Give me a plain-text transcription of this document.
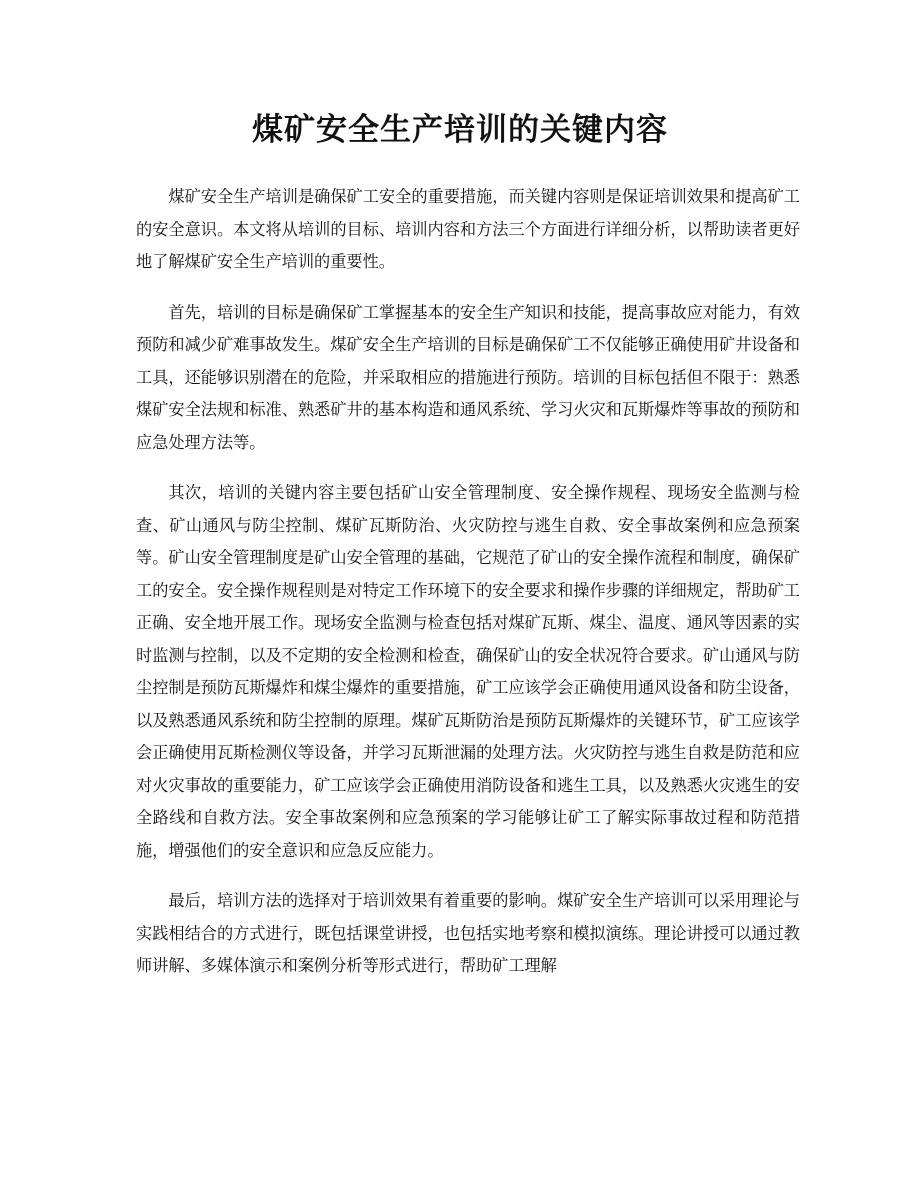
煤矿安全生产培训的关键内容

煤矿安全生产培训是确保矿工安全的重要措施，而关键内容则是保证培训效果和提高矿工的安全意识。本文将从培训的目标、培训内容和方法三个方面进行详细分析，以帮助读者更好地了解煤矿安全生产培训的重要性。

首先，培训的目标是确保矿工掌握基本的安全生产知识和技能，提高事故应对能力，有效预防和减少矿难事故发生。煤矿安全生产培训的目标是确保矿工不仅能够正确使用矿井设备和工具，还能够识别潜在的危险，并采取相应的措施进行预防。培训的目标包括但不限于：熟悉煤矿安全法规和标准、熟悉矿井的基本构造和通风系统、学习火灾和瓦斯爆炸等事故的预防和应急处理方法等。

其次，培训的关键内容主要包括矿山安全管理制度、安全操作规程、现场安全监测与检查、矿山通风与防尘控制、煤矿瓦斯防治、火灾防控与逃生自救、安全事故案例和应急预案等。矿山安全管理制度是矿山安全管理的基础，它规范了矿山的安全操作流程和制度，确保矿工的安全。安全操作规程则是对特定工作环境下的安全要求和操作步骤的详细规定，帮助矿工正确、安全地开展工作。现场安全监测与检查包括对煤矿瓦斯、煤尘、温度、通风等因素的实时监测与控制，以及不定期的安全检测和检查，确保矿山的安全状况符合要求。矿山通风与防尘控制是预防瓦斯爆炸和煤尘爆炸的重要措施，矿工应该学会正确使用通风设备和防尘设备，以及熟悉通风系统和防尘控制的原理。煤矿瓦斯防治是预防瓦斯爆炸的关键环节，矿工应该学会正确使用瓦斯检测仪等设备，并学习瓦斯泄漏的处理方法。火灾防控与逃生自救是防范和应对火灾事故的重要能力，矿工应该学会正确使用消防设备和逃生工具，以及熟悉火灾逃生的安全路线和自救方法。安全事故案例和应急预案的学习能够让矿工了解实际事故过程和防范措施，增强他们的安全意识和应急反应能力。

最后，培训方法的选择对于培训效果有着重要的影响。煤矿安全生产培训可以采用理论与实践相结合的方式进行，既包括课堂讲授，也包括实地考察和模拟演练。理论讲授可以通过教师讲解、多媒体演示和案例分析等形式进行，帮助矿工理解
